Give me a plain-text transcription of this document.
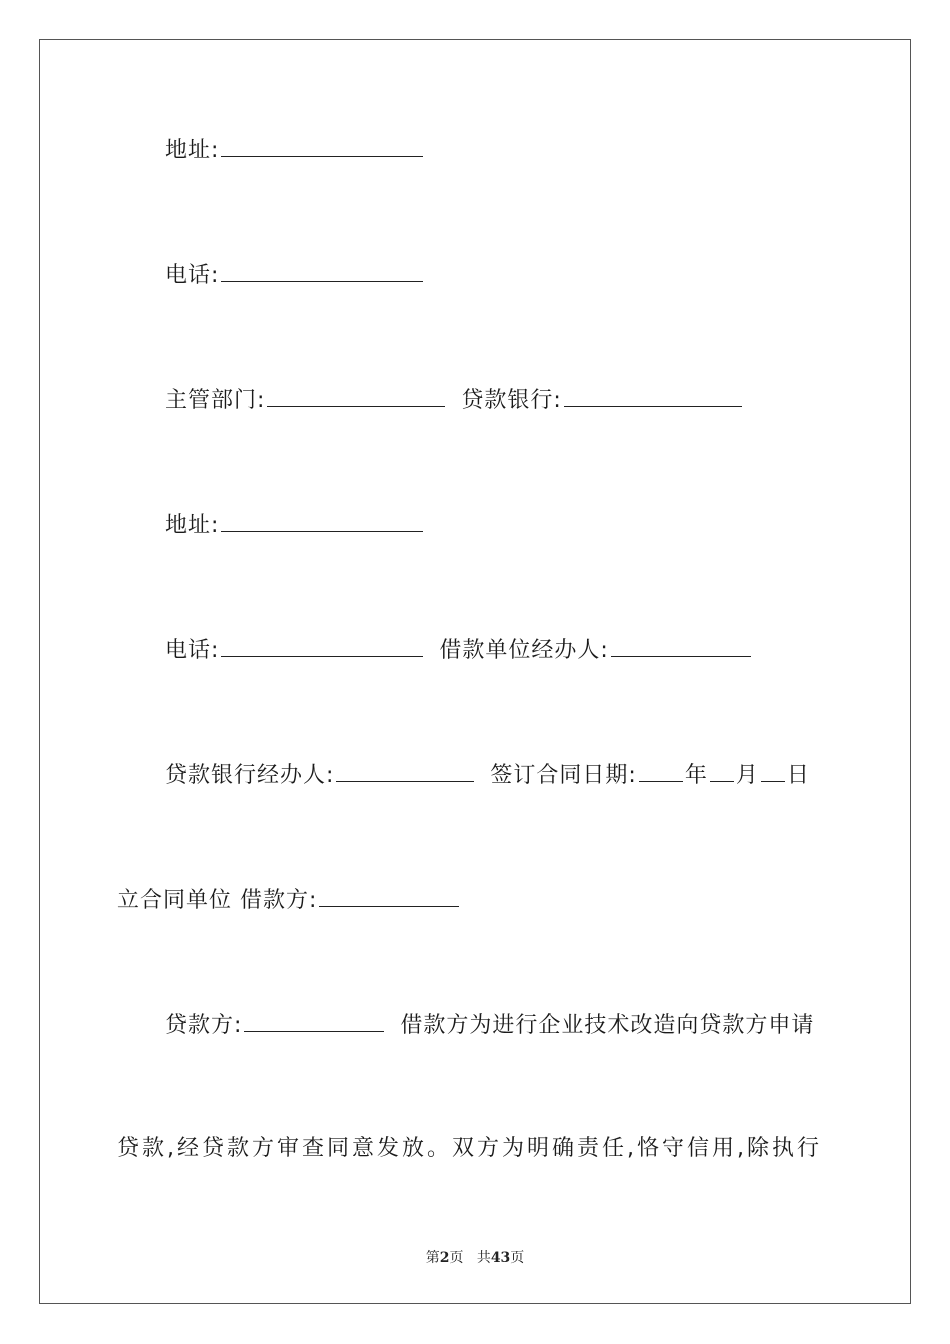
地址:
电话:
主管部门:	贷款银行:
地址:
电话:	借款单位经办人:
贷款银行经办人:	签订合同日期: 年 月 日
立合同单位 借款方:
贷款方:	借款方为进行企业技术改造向贷款方申请
贷款,经贷款方审查同意发放。双方为明确责任,恪守信用,除执行
第2页 共43页
